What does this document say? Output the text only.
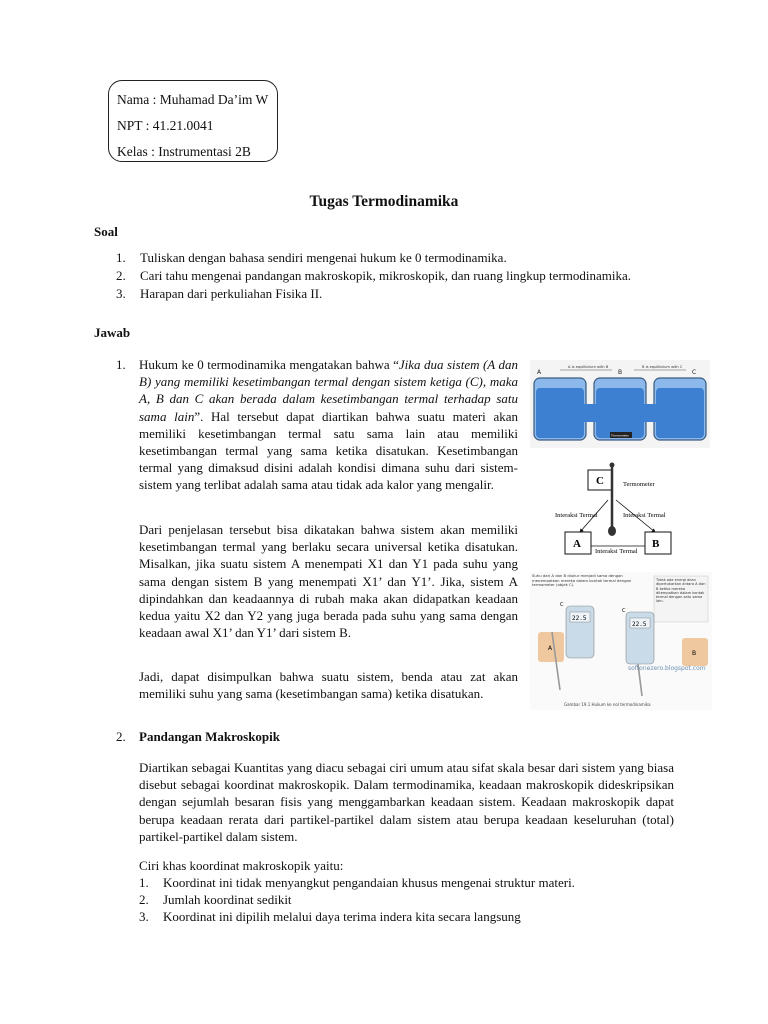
Nama : Muhamad Da’im W
NPT : 41.21.0041
Kelas : Instrumentasi 2B
Tugas Termodinamika
Soal
1.	Tuliskan dengan bahasa sendiri mengenai hukum ke 0 termodinamika.
2.	Cari tahu mengenai pandangan makroskopik, mikroskopik, dan ruang lingkup termodinamika.
3.	Harapan dari perkuliahan Fisika II.
Jawab
1. Hukum ke 0 termodinamika mengatakan bahwa “Jika dua sistem (A dan B) yang memiliki kesetimbangan termal dengan sistem ketiga (C), maka A, B dan C akan berada dalam kesetimbangan termal terhadap satu sama lain”. Hal tersebut dapat diartikan bahwa suatu materi akan memiliki kesetimbangan termal satu sama lain atau memiliki kesetimbangan termal yang sama ketika disatukan. Kesetimbangan termal yang dimaksud disini adalah kondisi dimana suhu dari sistem-sistem yang terlibat adalah sama atau tidak ada kalor yang mengalir.
Dari penjelasan tersebut bisa dikatakan bahwa sistem akan memiliki kesetimbangan termal yang berlaku secara universal ketika disatukan. Misalkan, jika suatu sistem A menempati X1 dan Y1 pada suhu yang sama dengan sistem B yang menempati X1’ dan Y1’. Jika, sistem A dipindahkan dan keadaannya di rubah maka akan didapatkan keadaan kedua yaitu X2 dan Y2 yang juga berada pada suhu yang sama dengan keadaan awal X1’ dan Y1’ dari sistem B.
Jadi, dapat disimpulkan bahwa suatu sistem, benda atau zat akan memiliki suhu yang sama (kesetimbangan sama) ketika disatukan.
A	B	C
A is equilibrium with B	B is equilibrium with C
Thermometer
C
A	B
Termometer
Interaksi Termal	Interaksi Termal
Interaksi Termal
Suhu dari A dan B diukur menjadi sama dengan menempatkan mereka dalam kontak termal dengan termometer (objek C).
Tidak ada energi akan dipertukarkan antara A dan B ketika mereka ditempatkan dalam kontak termal dengan satu sama lain.
A
B
22.5
C
22.5
C
softonezero.blogspot.com
Gambar 19.1 Hukum ke nol termodinamika
2. Pandangan Makroskopik
Diartikan sebagai Kuantitas yang diacu sebagai ciri umum atau sifat skala besar dari sistem yang biasa disebut sebagai koordinat makroskopik. Dalam termodinamika, keadaan makroskopik dideskripsikan dengan sejumlah besaran fisis yang menggambarkan keadaan sistem. Keadaan makroskopik dapat berupa keadaan rerata dari partikel-partikel dalam sistem atau berupa keadaan keseluruhan (total) partikel-partikel dalam sistem.
Ciri khas koordinat makroskopik yaitu:
1.	Koordinat ini tidak menyangkut pengandaian khusus mengenai struktur materi.
2.	Jumlah koordinat sedikit
3.	Koordinat ini dipilih melalui daya terima indera kita secara langsung
